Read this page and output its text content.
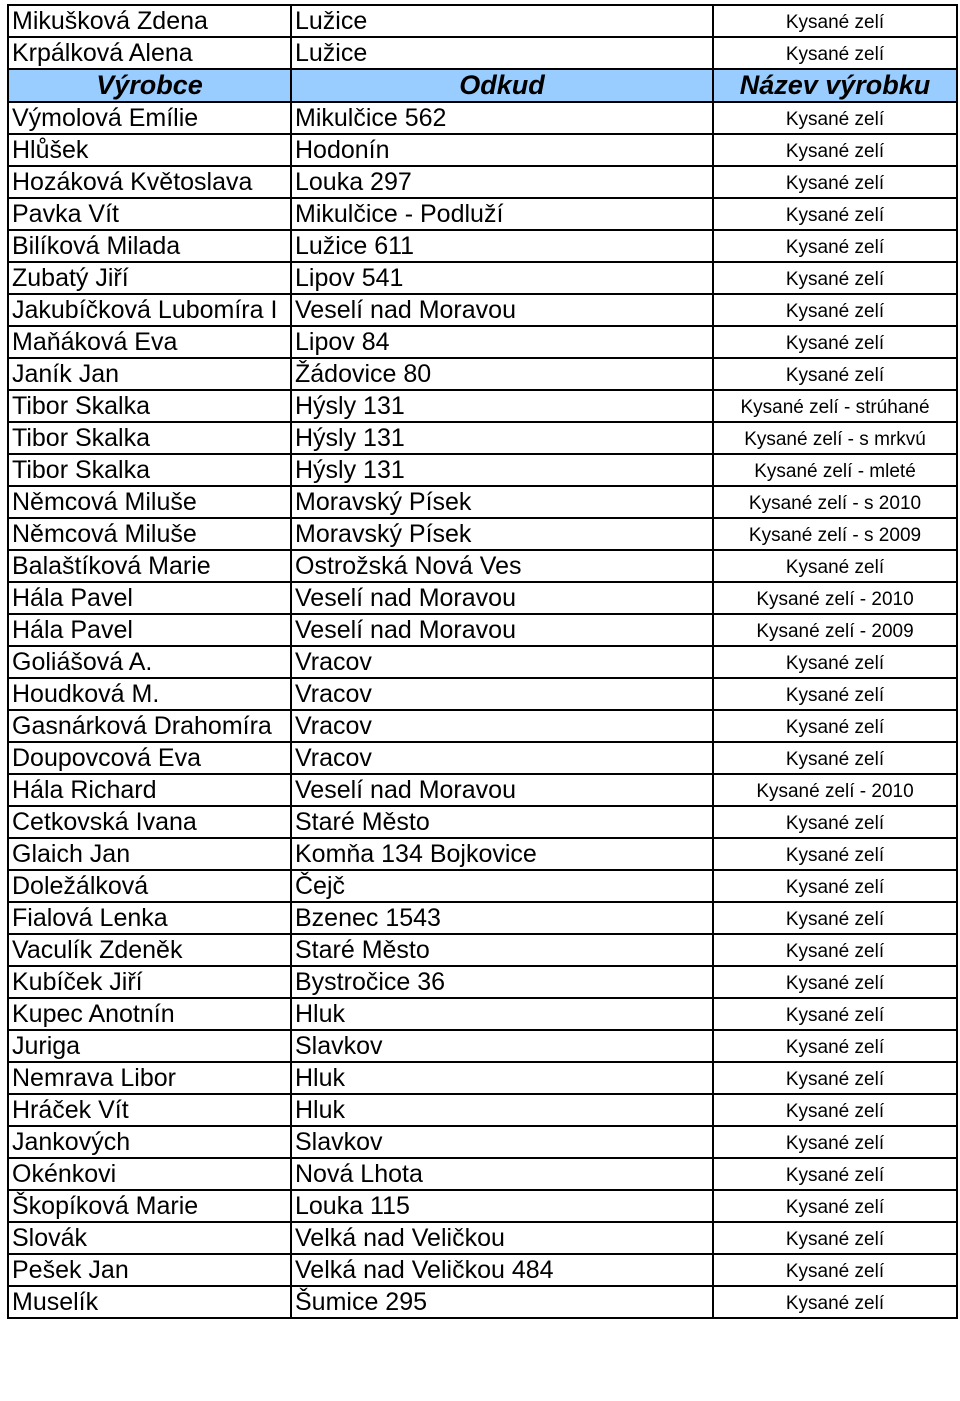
Mikušková Zdena	Lužice	Kysané zelí
Krpálková Alena	Lužice	Kysané zelí
Výrobce	Odkud	Název výrobku
Výmolová Emílie	Mikulčice 562	Kysané zelí
Hlůšek	Hodonín	Kysané zelí
Hozáková Květoslava	Louka 297	Kysané zelí
Pavka Vít	Mikulčice - Podluží	Kysané zelí
Bilíková Milada	Lužice 611	Kysané zelí
Zubatý Jiří	Lipov 541	Kysané zelí
Jakubíčková Lubomíra I	Veselí nad Moravou	Kysané zelí
Maňáková Eva	Lipov 84	Kysané zelí
Janík Jan	Žádovice 80	Kysané zelí
Tibor Skalka	Hýsly 131	Kysané zelí - strúhané
Tibor Skalka	Hýsly 131	Kysané zelí - s mrkvú
Tibor Skalka	Hýsly 131	Kysané zelí - mleté
Němcová Miluše	Moravský Písek	Kysané zelí - s 2010
Němcová Miluše	Moravský Písek	Kysané zelí - s 2009
Balaštíková Marie	Ostrožská Nová Ves	Kysané zelí
Hála Pavel	Veselí nad Moravou	Kysané zelí - 2010
Hála Pavel	Veselí nad Moravou	Kysané zelí - 2009
Goliášová A.	Vracov	Kysané zelí
Houdková M.	Vracov	Kysané zelí
Gasnárková Drahomíra	Vracov	Kysané zelí
Doupovcová Eva	Vracov	Kysané zelí
Hála Richard	Veselí nad Moravou	Kysané zelí - 2010
Cetkovská Ivana	Staré Město	Kysané zelí
Glaich Jan	Komňa 134 Bojkovice	Kysané zelí
Doležálková	Čejč	Kysané zelí
Fialová Lenka	Bzenec 1543	Kysané zelí
Vaculík Zdeněk	Staré Město	Kysané zelí
Kubíček Jiří	Bystročice 36	Kysané zelí
Kupec Anotnín	Hluk	Kysané zelí
Juriga	Slavkov	Kysané zelí
Nemrava Libor	Hluk	Kysané zelí
Hráček Vít	Hluk	Kysané zelí
Jankových	Slavkov	Kysané zelí
Okénkovi	Nová Lhota	Kysané zelí
Škopíková Marie	Louka 115	Kysané zelí
Slovák	Velká nad Veličkou	Kysané zelí
Pešek Jan	Velká nad Veličkou 484	Kysané zelí
Muselík	Šumice 295	Kysané zelí
